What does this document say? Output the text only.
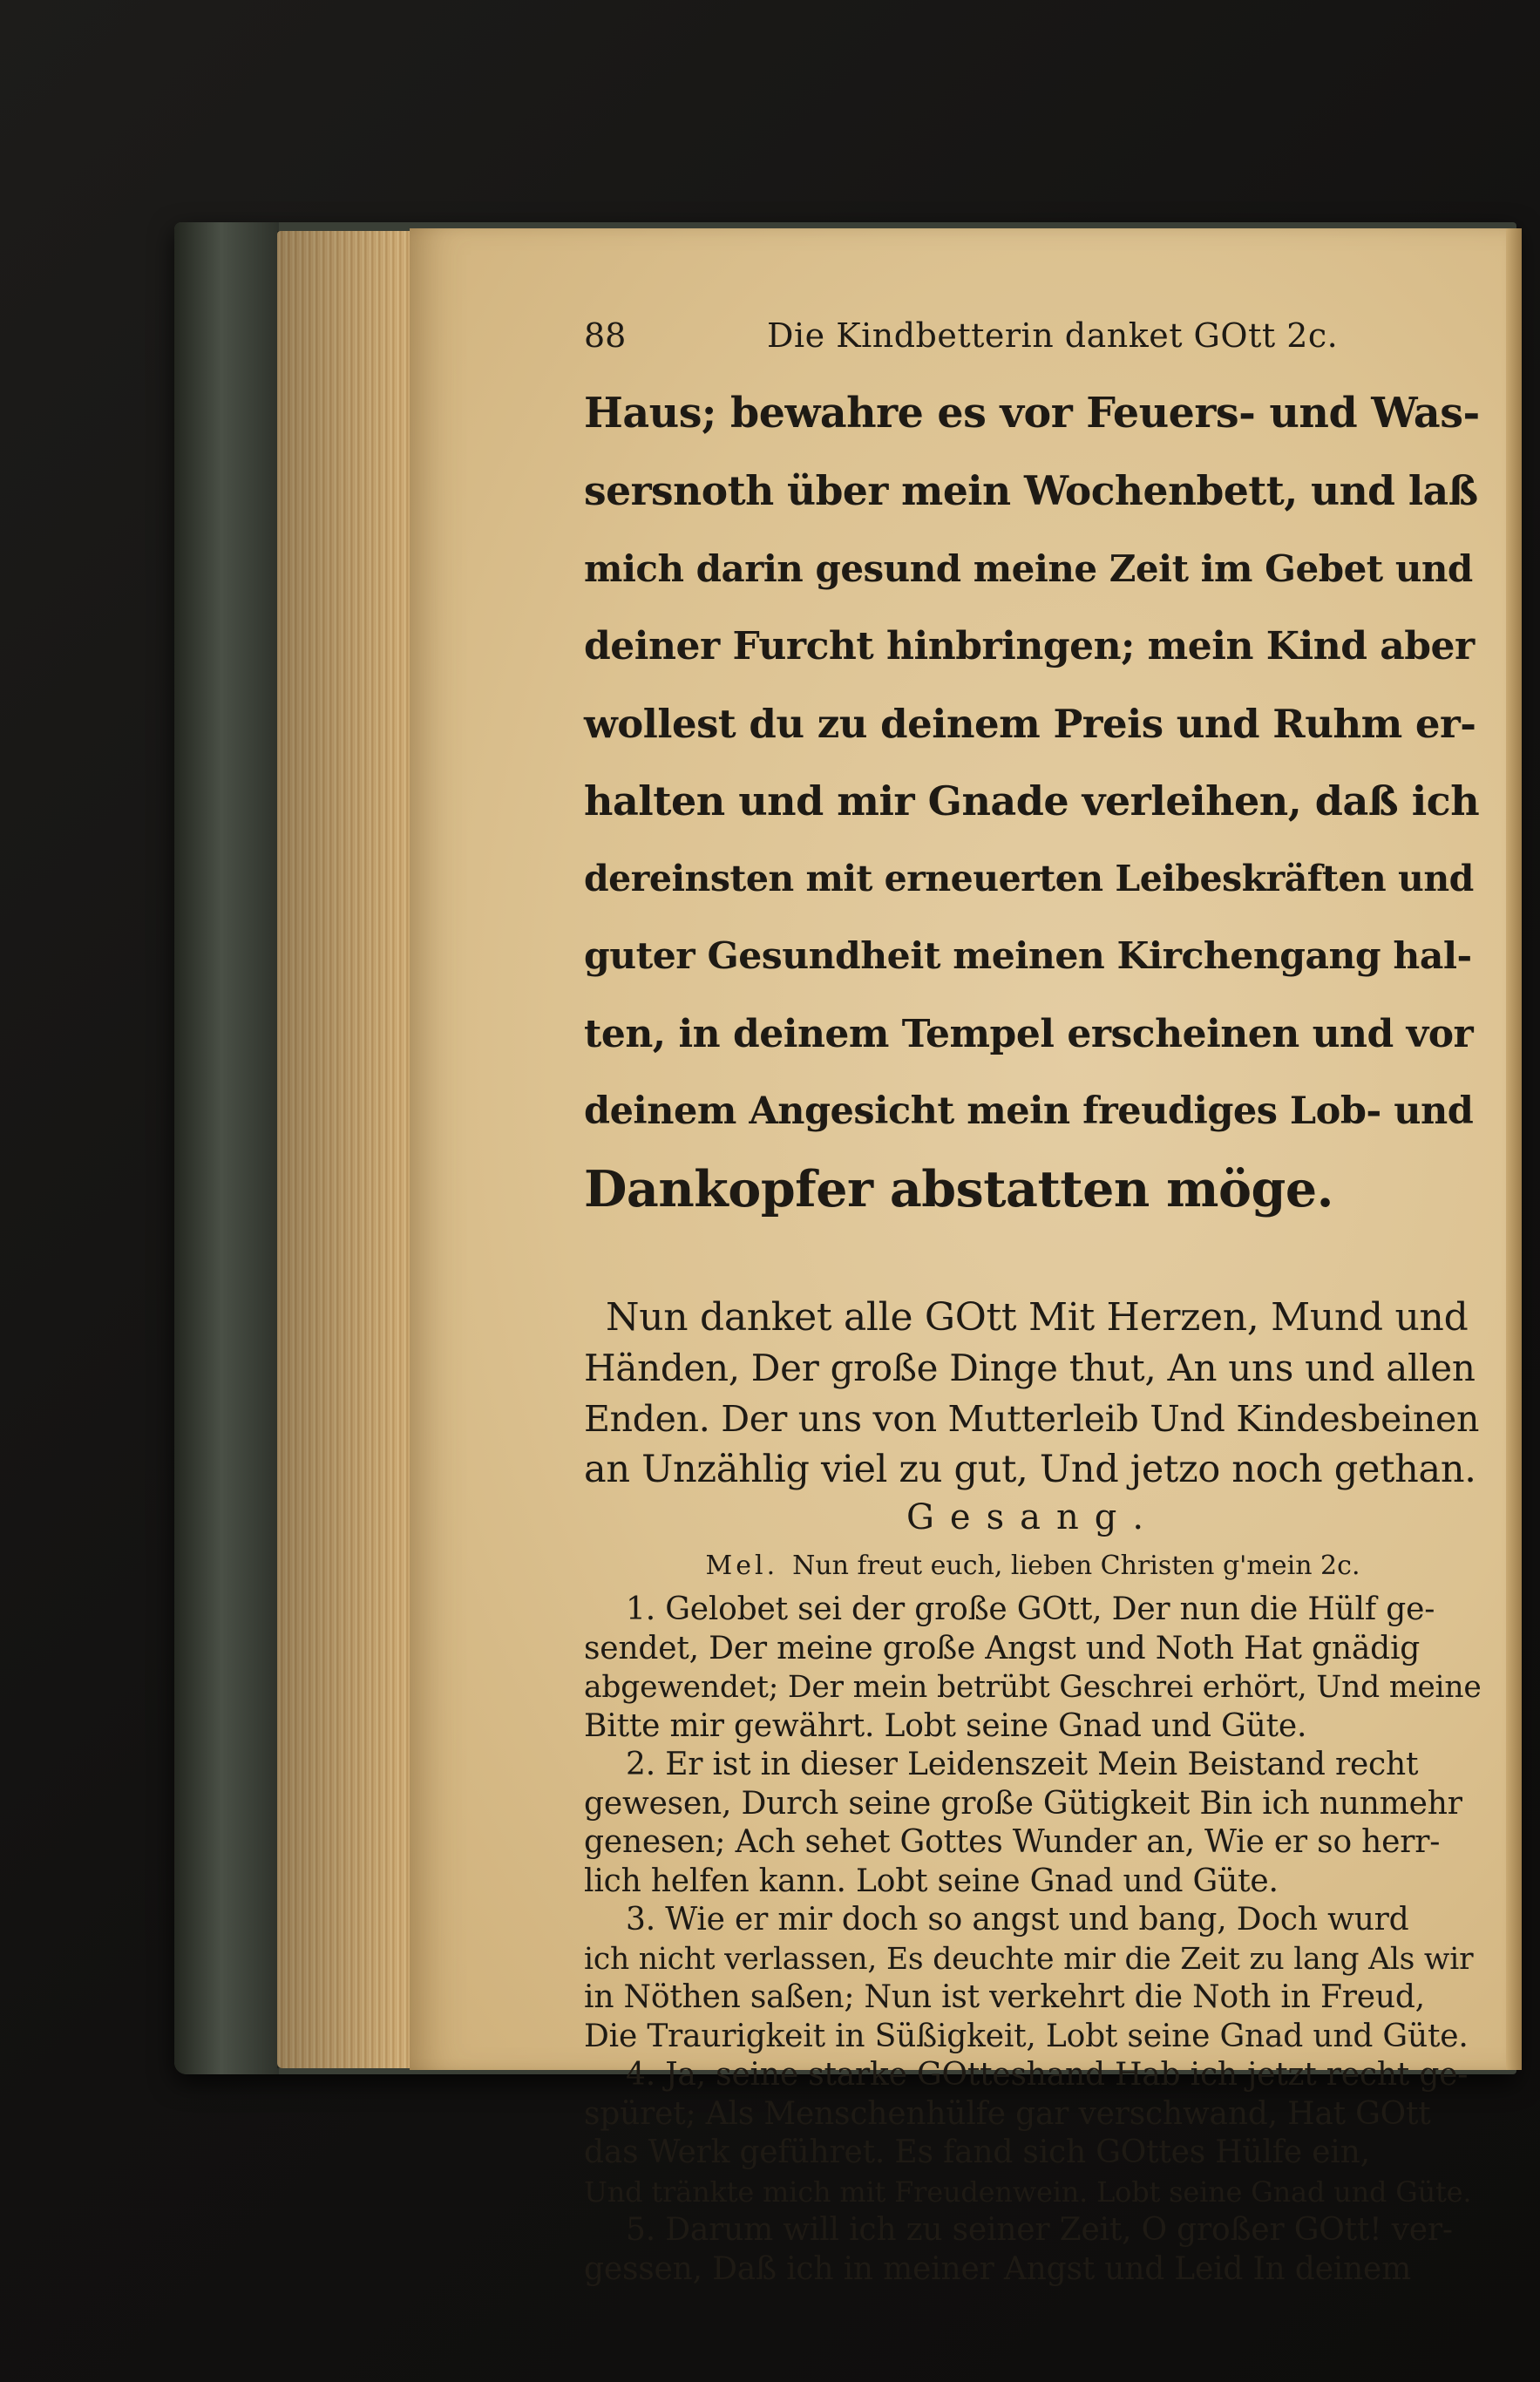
88	Die Kindbetterin danket GOtt 2c.
Haus; bewahre es vor Feuers- und Was-
sersnoth über mein Wochenbett, und laß
mich darin gesund meine Zeit im Gebet und
deiner Furcht hinbringen; mein Kind aber
wollest du zu deinem Preis und Ruhm er-
halten und mir Gnade verleihen, daß ich
dereinsten mit erneuerten Leibeskräften und
guter Gesundheit meinen Kirchengang hal-
ten, in deinem Tempel erscheinen und vor
deinem Angesicht mein freudiges Lob- und
Dankopfer abstatten möge.
Nun danket alle GOtt Mit Herzen, Mund und
Händen, Der große Dinge thut, An uns und allen
Enden. Der uns von Mutterleib Und Kindesbeinen
an Unzählig viel zu gut, Und jetzo noch gethan.
Gesang.
Mel. Nun freut euch, lieben Christen g'mein 2c.
1. Gelobet sei der große GOtt, Der nun die Hülf ge-
sendet, Der meine große Angst und Noth Hat gnädig
abgewendet; Der mein betrübt Geschrei erhört, Und meine
Bitte mir gewährt. Lobt seine Gnad und Güte.
2. Er ist in dieser Leidenszeit Mein Beistand recht
gewesen, Durch seine große Gütigkeit Bin ich nunmehr
genesen; Ach sehet Gottes Wunder an, Wie er so herr-
lich helfen kann. Lobt seine Gnad und Güte.
3. Wie er mir doch so angst und bang, Doch wurd
ich nicht verlassen, Es deuchte mir die Zeit zu lang Als wir
in Nöthen saßen; Nun ist verkehrt die Noth in Freud,
Die Traurigkeit in Süßigkeit, Lobt seine Gnad und Güte.
4. Ja, seine starke GOtteshand Hab ich jetzt recht ge-
spüret; Als Menschenhülfe gar verschwand, Hat GOtt
das Werk geführet. Es fand sich GOttes Hülfe ein,
Und tränkte mich mit Freudenwein. Lobt seine Gnad und Güte.
5. Darum will ich zu seiner Zeit, O großer GOtt! ver-
gessen, Daß ich in meiner Angst und Leid In deinem
